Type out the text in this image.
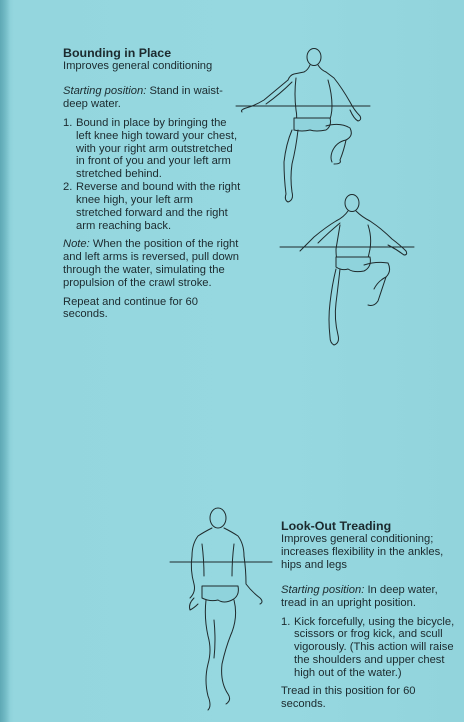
Bounding in Place

Improves general conditioning

Starting position: Stand in waist-deep water.

1. Bound in place by bringing the left knee high toward your chest, with your right arm outstretched in front of you and your left arm stretched behind.
2. Reverse and bound with the right knee high, your left arm stretched forward and the right arm reaching back.

Note: When the position of the right and left arms is reversed, pull down through the water, simulating the propulsion of the crawl stroke.

Repeat and continue for 60 seconds.

Look-Out Treading

Improves general conditioning; increases flexibility in the ankles, hips and legs

Starting position: In deep water, tread in an upright position.

1. Kick forcefully, using the bicycle, scissors or frog kick, and scull vigorously. (This action will raise the shoulders and upper chest high out of the water.)

Tread in this position for 60 seconds.
